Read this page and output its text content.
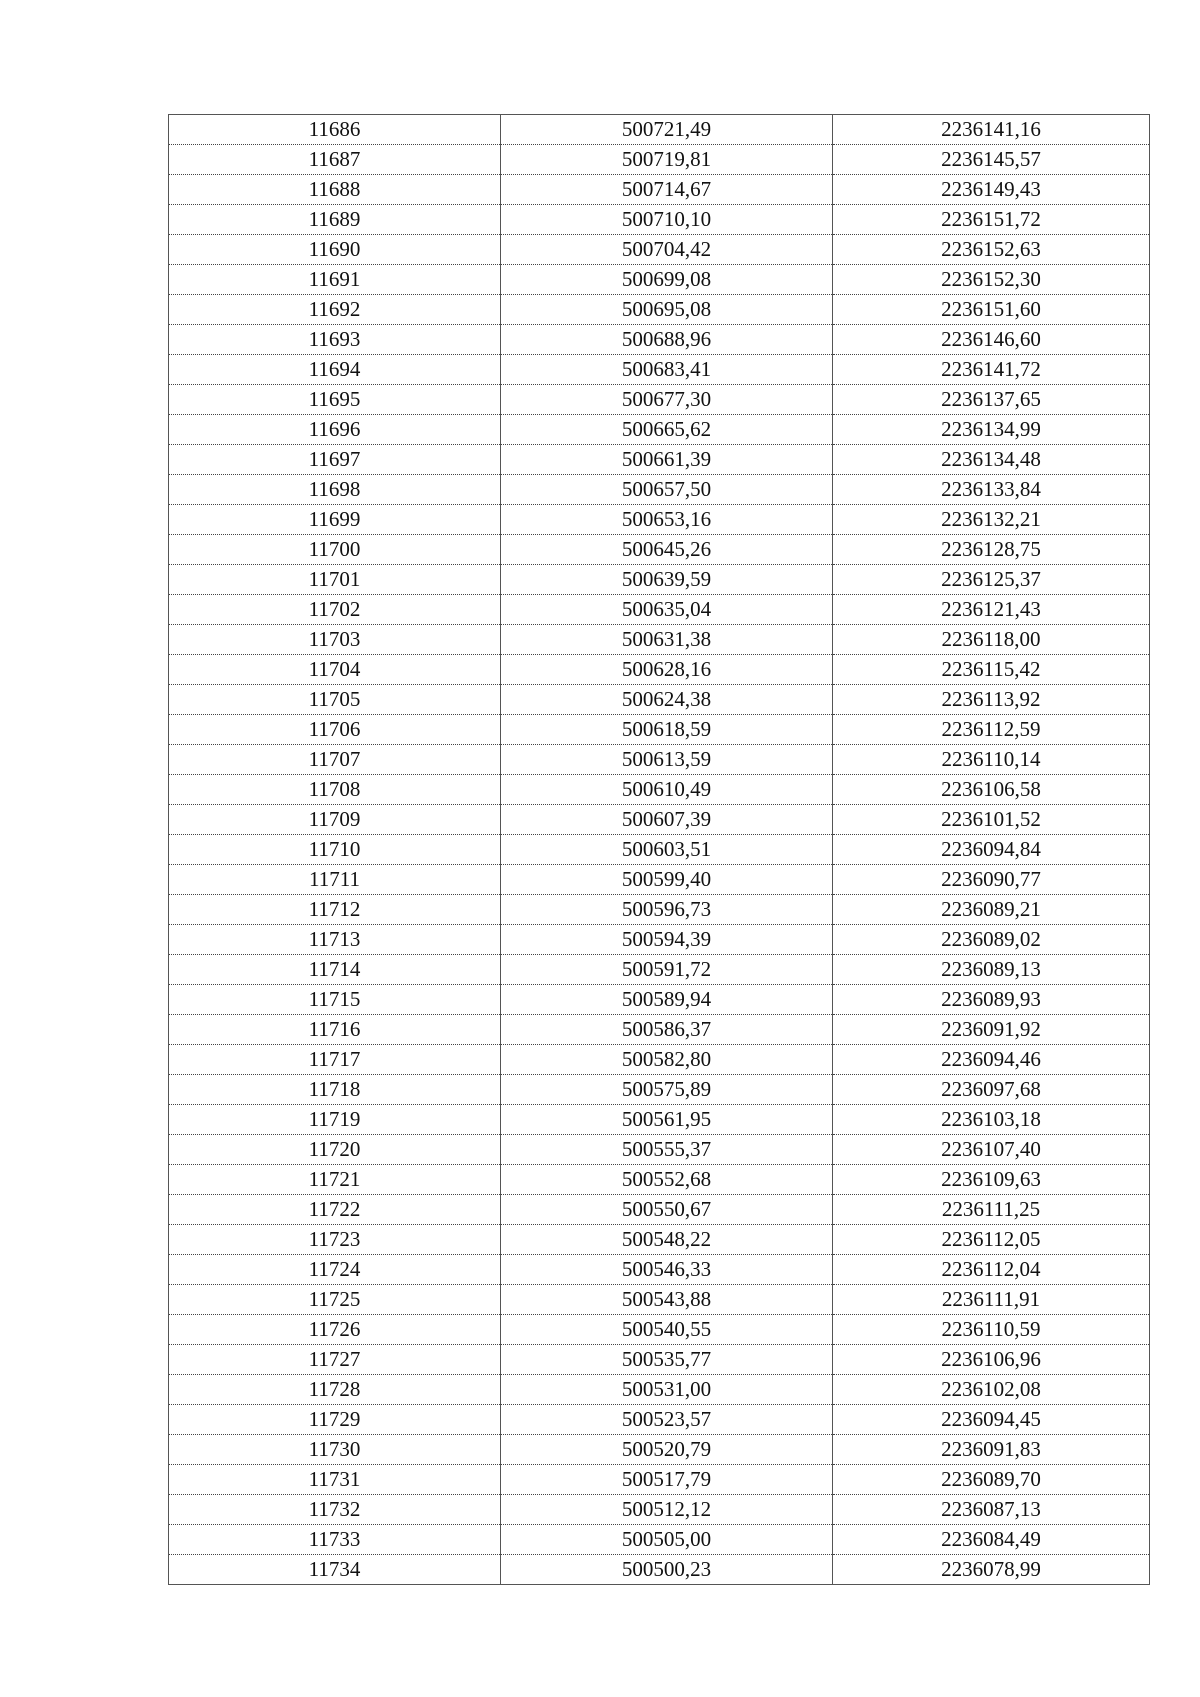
11686	500721,49	2236141,16
11687	500719,81	2236145,57
11688	500714,67	2236149,43
11689	500710,10	2236151,72
11690	500704,42	2236152,63
11691	500699,08	2236152,30
11692	500695,08	2236151,60
11693	500688,96	2236146,60
11694	500683,41	2236141,72
11695	500677,30	2236137,65
11696	500665,62	2236134,99
11697	500661,39	2236134,48
11698	500657,50	2236133,84
11699	500653,16	2236132,21
11700	500645,26	2236128,75
11701	500639,59	2236125,37
11702	500635,04	2236121,43
11703	500631,38	2236118,00
11704	500628,16	2236115,42
11705	500624,38	2236113,92
11706	500618,59	2236112,59
11707	500613,59	2236110,14
11708	500610,49	2236106,58
11709	500607,39	2236101,52
11710	500603,51	2236094,84
11711	500599,40	2236090,77
11712	500596,73	2236089,21
11713	500594,39	2236089,02
11714	500591,72	2236089,13
11715	500589,94	2236089,93
11716	500586,37	2236091,92
11717	500582,80	2236094,46
11718	500575,89	2236097,68
11719	500561,95	2236103,18
11720	500555,37	2236107,40
11721	500552,68	2236109,63
11722	500550,67	2236111,25
11723	500548,22	2236112,05
11724	500546,33	2236112,04
11725	500543,88	2236111,91
11726	500540,55	2236110,59
11727	500535,77	2236106,96
11728	500531,00	2236102,08
11729	500523,57	2236094,45
11730	500520,79	2236091,83
11731	500517,79	2236089,70
11732	500512,12	2236087,13
11733	500505,00	2236084,49
11734	500500,23	2236078,99
